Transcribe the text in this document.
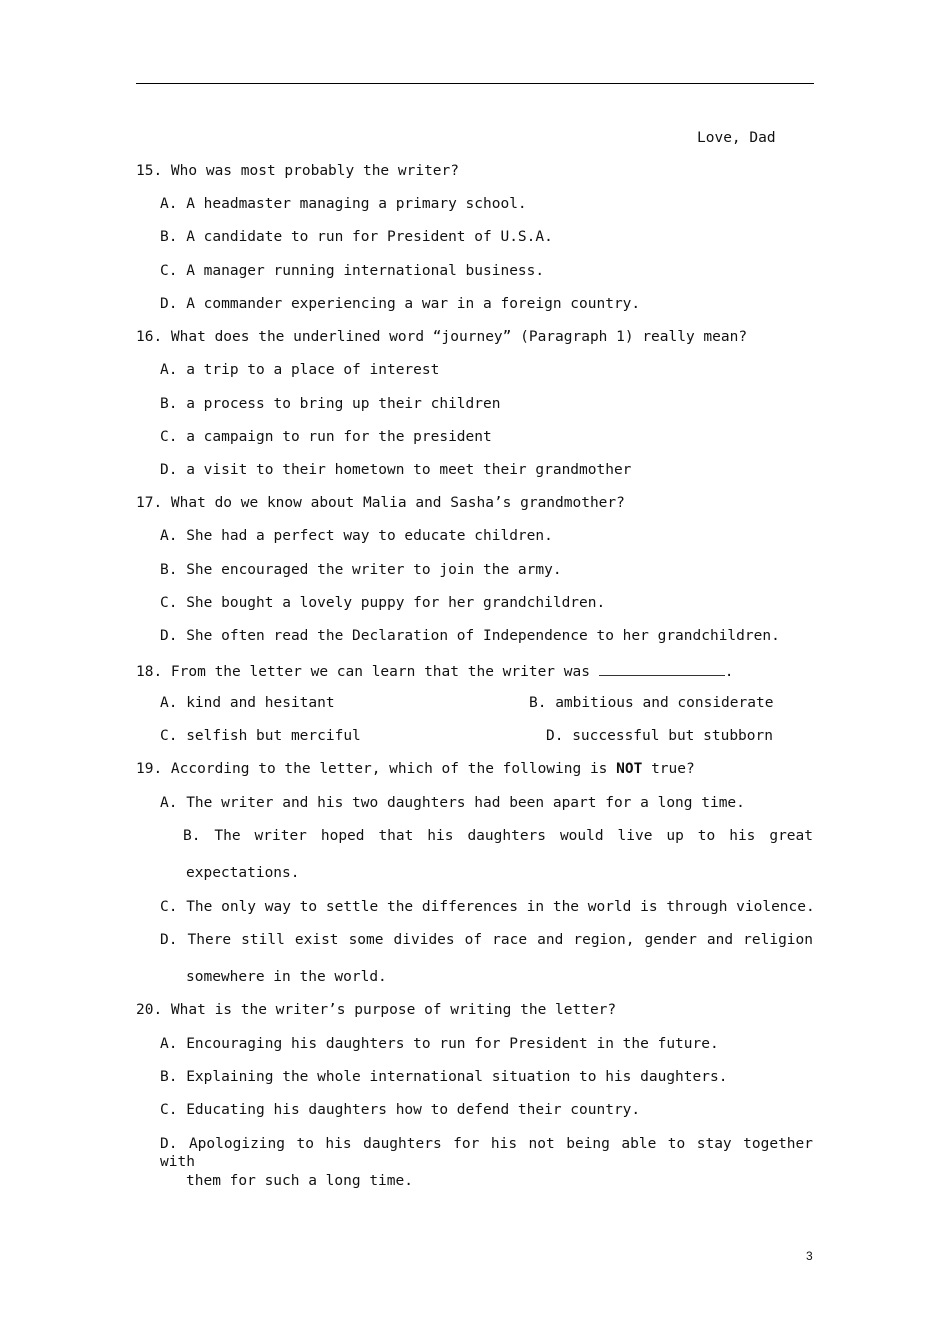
Love, Dad
15. Who was most probably the writer?
A. A headmaster managing a primary school.
B. A candidate to run for President of U.S.A.
C. A manager running international business.
D. A commander experiencing a war in a foreign country.
16. What does the underlined word “journey” (Paragraph 1) really mean?
A. a trip to a place of interest
B. a process to bring up their children
C. a campaign to run for the president
D. a visit to their hometown to meet their grandmother
17. What do we know about Malia and Sasha’s grandmother?
A. She had a perfect way to educate children.
B. She encouraged the writer to join the army.
C. She bought a lovely puppy for her grandchildren.
D. She often read the Declaration of Independence to her grandchildren.
18. From the letter we can learn that the writer was	.
A. kind and hesitant	B. ambitious and considerate
C. selfish but merciful	D. successful but stubborn
19. According to the letter, which of the following is NOT true?
A. The writer and his two daughters had been apart for a long time.
B. The writer hoped that his daughters would live up to his great
expectations.
C. The only way to settle the differences in the world is through violence.
D. There still exist some divides of race and region, gender and religion
somewhere in the world.
20. What is the writer’s purpose of writing the letter?
A. Encouraging his daughters to run for President in the future.
B. Explaining the whole international situation to his daughters.
C. Educating his daughters how to defend their country.
D. Apologizing to his daughters for his not being able to stay together with
them for such a long time.
3
